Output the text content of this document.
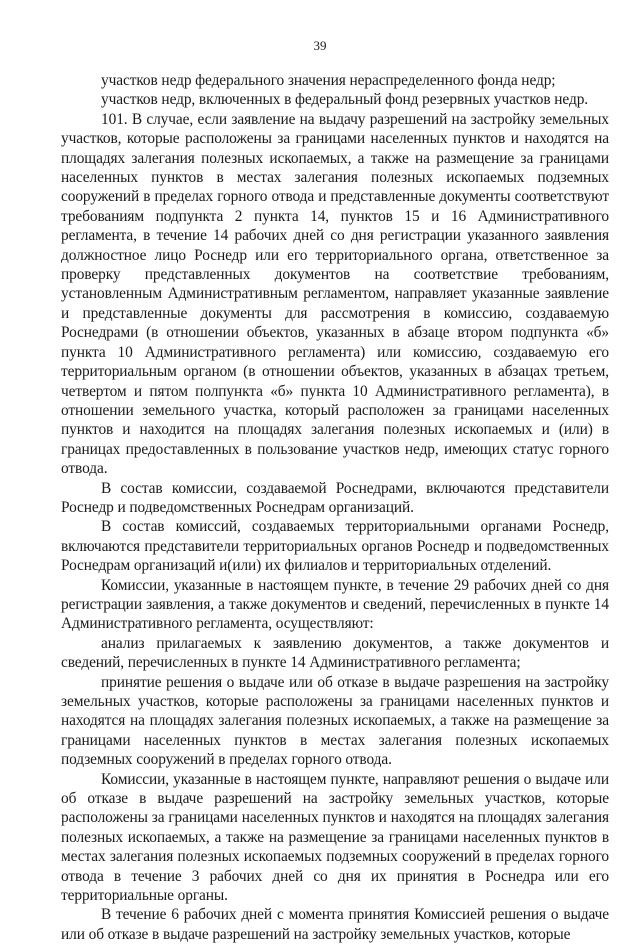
39

участков недр федерального значения нераспределенного фонда недр;

участков недр, включенных в федеральный фонд резервных участков недр.

101. В случае, если заявление на выдачу разрешений на застройку земельных участков, которые расположены за границами населенных пунктов и находятся на площадях залегания полезных ископаемых, а также на размещение за границами населенных пунктов в местах залегания полезных ископаемых подземных сооружений в пределах горного отвода и представленные документы соответствуют требованиям подпункта 2 пункта 14, пунктов 15 и 16 Административного регламента, в течение 14 рабочих дней со дня регистрации указанного заявления должностное лицо Роснедр или его территориального органа, ответственное за проверку представленных документов на соответствие требованиям, установленным Административным регламентом, направляет указанные заявление и представленные документы для рассмотрения в комиссию, создаваемую Роснедрами (в отношении объектов, указанных в абзаце втором подпункта «б» пункта 10 Административного регламента) или комиссию, создаваемую его территориальным органом (в отношении объектов, указанных в абзацах третьем, четвертом и пятом полпункта «б» пункта 10 Административного регламента), в отношении земельного участка, который расположен за границами населенных пунктов и находится на площадях залегания полезных ископаемых и (или) в границах предоставленных в пользование участков недр, имеющих статус горного отвода.

В состав комиссии, создаваемой Роснедрами, включаются представители Роснедр и подведомственных Роснедрам организаций.

В состав комиссий, создаваемых территориальными органами Роснедр, включаются представители территориальных органов Роснедр и подведомственных Роснедрам организаций и(или) их филиалов и территориальных отделений.

Комиссии, указанные в настоящем пункте, в течение 29 рабочих дней со дня регистрации заявления, а также документов и сведений, перечисленных в пункте 14 Административного регламента, осуществляют:

анализ прилагаемых к заявлению документов, а также документов и сведений, перечисленных в пункте 14 Административного регламента;

принятие решения о выдаче или об отказе в выдаче разрешения на застройку земельных участков, которые расположены за границами населенных пунктов и находятся на площадях залегания полезных ископаемых, а также на размещение за границами населенных пунктов в местах залегания полезных ископаемых подземных сооружений в пределах горного отвода.

Комиссии, указанные в настоящем пункте, направляют решения о выдаче или об отказе в выдаче разрешений на застройку земельных участков, которые расположены за границами населенных пунктов и находятся на площадях залегания полезных ископаемых, а также на размещение за границами населенных пунктов в местах залегания полезных ископаемых подземных сооружений в пределах горного отвода в течение 3 рабочих дней со дня их принятия в Роснедра или его территориальные органы.

В течение 6 рабочих дней с момента принятия Комиссией решения о выдаче или об отказе в выдаче разрешений на застройку земельных участков, которые
